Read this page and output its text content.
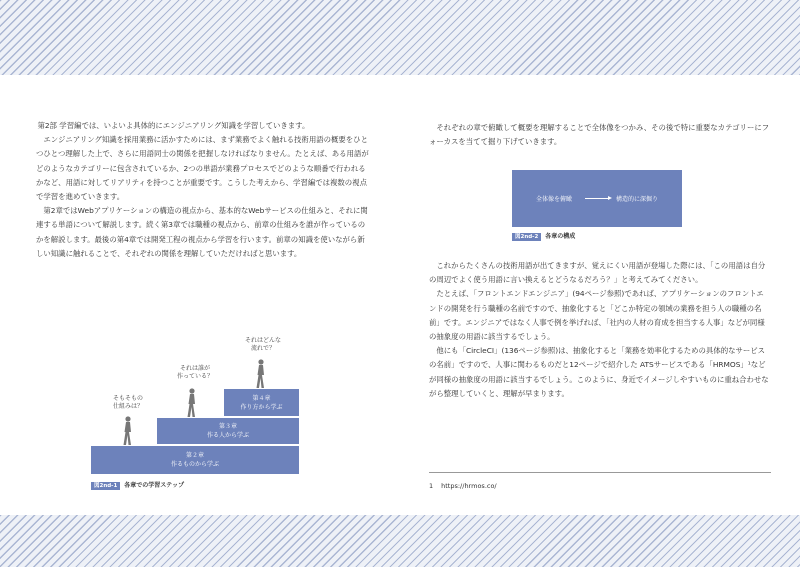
第2部 学習編では、いよいよ具体的にエンジニアリング知識を学習していきます。

エンジニアリング知識を採用業務に活かすためには、まず業務でよく触れる技術用語の概要をひとつひとつ理解した上で、さらに用語同士の関係を把握しなければなりません。たとえば、ある用語がどのようなカテゴリーに包含されているか、2つの単語が業務プロセスでどのような順番で行われるかなど、用語に対してリアリティを持つことが重要です。こうした考えから、学習編では複数の視点で学習を進めていきます。

第2章ではWebアプリケーションの構造の視点から、基本的なWebサービスの仕組みと、それに関連する単語について解説します。続く第3章では職種の視点から、前章の仕組みを誰が作っているのかを解説します。最後の第4章では開発工程の視点から学習を行います。前章の知識を使いながら新しい知識に触れることで、それぞれの関係を理解していただければと思います。

第２章
作るものから学ぶ
第３章
作る人から学ぶ
第４章
作り方から学ぶ
そもそもの
仕組みは？
それは誰が
作っている？
それはどんな
流れで？
図2nd-1 各章での学習ステップ

それぞれの章で俯瞰して概要を理解することで全体像をつかみ、その後で特に重要なカテゴリーにフォーカスを当てて掘り下げていきます。

全体像を俯瞰	構造的に深掘り
図2nd-2 各章の構成

これからたくさんの技術用語が出てきますが、覚えにくい用語が登場した際には、「この用語は自分の周辺でよく使う用語に言い換えるとどうなるだろう？」と考えてみてください。

たとえば、「フロントエンドエンジニア」(94ページ参照)であれば、アプリケーションのフロントエンドの開発を行う職種の名前ですので、抽象化すると「どこか特定の領域の業務を担う人の職種の名前」です。エンジニアではなく人事で例を挙げれば、「社内の人材の育成を担当する人事」などが同様の抽象度の用語に該当するでしょう。

他にも「CircleCI」(136ページ参照)は、抽象化すると「業務を効率化するための具体的なサービスの名前」ですので、人事に関わるものだと12ページで紹介した ATSサービスである「HRMOS」¹などが同様の抽象度の用語に該当するでしょう。このように、身近でイメージしやすいものに重ね合わせながら整理していくと、理解が早まります。

1 https://hrmos.co/
